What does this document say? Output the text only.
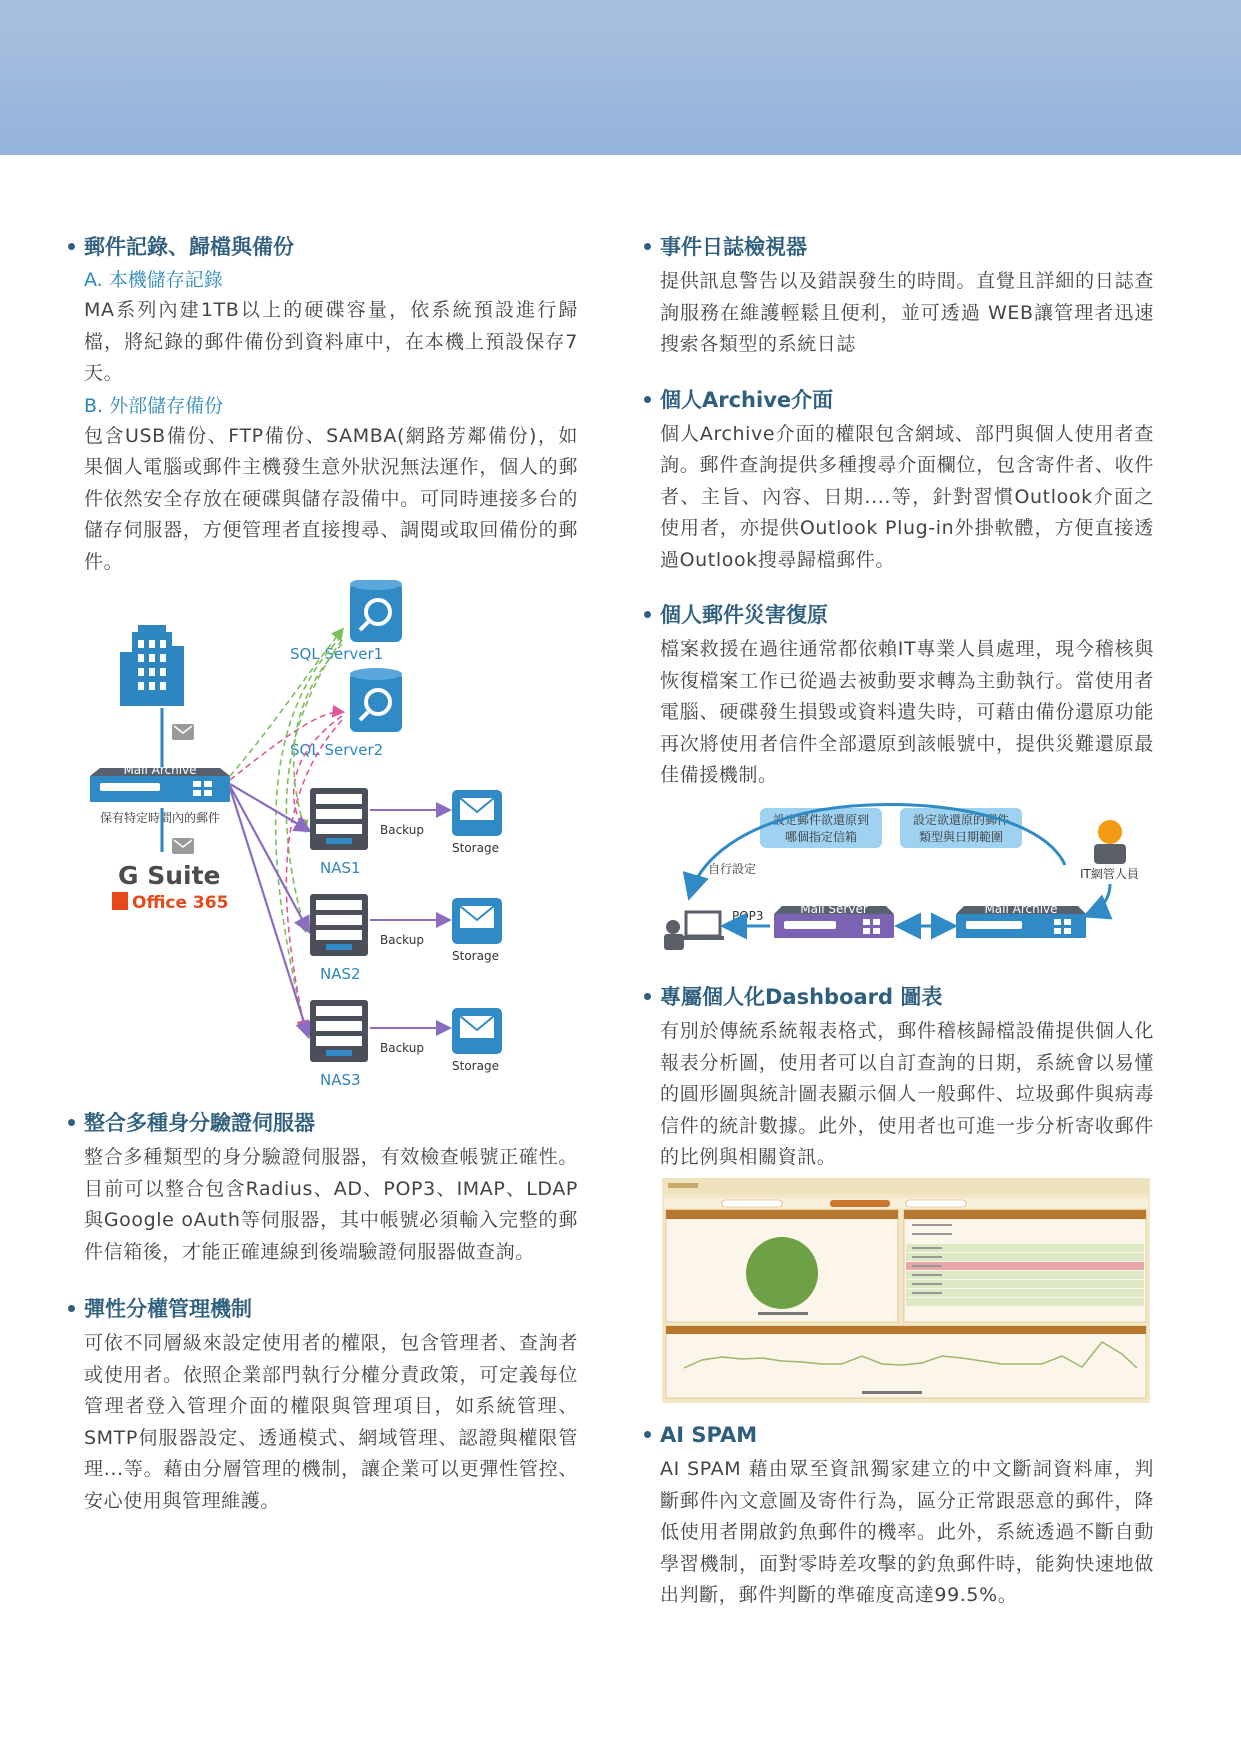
郵件記錄、歸檔與備份

A. 本機儲存記錄

MA系列內建1TB以上的硬碟容量，依系統預設進行歸檔，將紀錄的郵件備份到資料庫中，在本機上預設保存7天。

B. 外部儲存備份

包含USB備份、FTP備份、SAMBA(網路芳鄰備份)，如果個人電腦或郵件主機發生意外狀況無法運作，個人的郵件依然安全存放在硬碟與儲存設備中。可同時連接多台的儲存伺服器，方便管理者直接搜尋、調閱或取回備份的郵件。

Mail Archive
保有特定時間內的郵件
G Suite
Office 365
SQL Server1
SQL Server2
NAS1
Backup
Storage
NAS2
Backup
Storage
NAS3
Backup
Storage
整合多種身分驗證伺服器

整合多種類型的身分驗證伺服器，有效檢查帳號正確性。目前可以整合包含Radius、AD、POP3、IMAP、LDAP與Google oAuth等伺服器，其中帳號必須輸入完整的郵件信箱後，才能正確連線到後端驗證伺服器做查詢。

彈性分權管理機制

可依不同層級來設定使用者的權限，包含管理者、查詢者或使用者。依照企業部門執行分權分責政策，可定義每位管理者登入管理介面的權限與管理項目，如系統管理、SMTP伺服器設定、透通模式、網域管理、認證與權限管理...等。藉由分層管理的機制，讓企業可以更彈性管控、安心使用與管理維護。

事件日誌檢視器

提供訊息警告以及錯誤發生的時間。直覺且詳細的日誌查詢服務在維護輕鬆且便利，並可透過 WEB讓管理者迅速搜索各類型的系統日誌

個人Archive介面

個人Archive介面的權限包含網域、部門與個人使用者查詢。郵件查詢提供多種搜尋介面欄位，包含寄件者、收件者、主旨、內容、日期....等，針對習慣Outlook介面之使用者，亦提供Outlook Plug-in外掛軟體，方便直接透過Outlook搜尋歸檔郵件。

個人郵件災害復原

檔案救援在過往通常都依賴IT專業人員處理，現今稽核與恢復檔案工作已從過去被動要求轉為主動執行。當使用者電腦、硬碟發生損毀或資料遺失時，可藉由備份還原功能再次將使用者信件全部還原到該帳號中，提供災難還原最佳備援機制。

設定郵件欲還原到
哪個指定信箱
設定欲還原的郵件
類型與日期範圍
自行設定	IT網管人員
POP3	Mail Server	Mail Archive
專屬個人化Dashboard 圖表

有別於傳統系統報表格式，郵件稽核歸檔設備提供個人化報表分析圖，使用者可以自訂查詢的日期，系統會以易懂的圓形圖與統計圖表顯示個人一般郵件、垃圾郵件與病毒信件的統計數據。此外，使用者也可進一步分析寄收郵件的比例與相關資訊。

AI SPAM

AI SPAM 藉由眾至資訊獨家建立的中文斷詞資料庫，判斷郵件內文意圖及寄件行為，區分正常跟惡意的郵件，降低使用者開啟釣魚郵件的機率。此外，系統透過不斷自動學習機制，面對零時差攻擊的釣魚郵件時，能夠快速地做出判斷，郵件判斷的準確度高達99.5%。
